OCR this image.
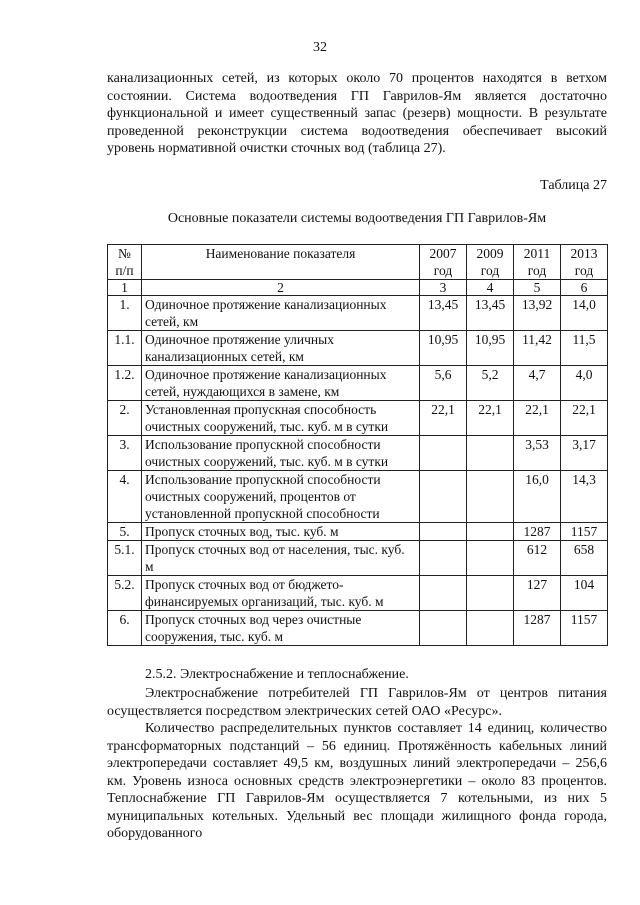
32

канализационных сетей, из которых около 70 процентов находятся в ветхом состоянии. Система водоотведения ГП Гаврилов-Ям является достаточно функциональной и имеет существенный запас (резерв) мощности. В результате проведенной реконструкции система водоотведения обеспечивает высокий уровень нормативной очистки сточных вод (таблица 27).

Таблица 27
Основные показатели системы водоотведения ГП Гаврилов-Ям
№ п/п	Наименование показателя	2007 год	2009 год	2011 год	2013 год
1	2	3	4	5	6
1.	Одиночное протяжение канализационных сетей, км	13,45	13,45	13,92	14,0
1.1.	Одиночное протяжение уличных канализационных сетей, км	10,95	10,95	11,42	11,5
1.2.	Одиночное протяжение канализационных сетей, нуждающихся в замене, км	5,6	5,2	4,7	4,0
2.	Установленная пропускная способность очистных сооружений, тыс. куб. м в сутки	22,1	22,1	22,1	22,1
3.	Использование пропускной способности очистных сооружений, тыс. куб. м в сутки			3,53	3,17
4.	Использование пропускной способности очистных сооружений, процентов от установленной пропускной способности			16,0	14,3
5.	Пропуск сточных вод, тыс. куб. м			1287	1157
5.1.	Пропуск сточных вод от населения, тыс. куб. м			612	658
5.2.	Пропуск сточных вод от бюджето-финансируемых организаций, тыс. куб. м			127	104
6.	Пропуск сточных вод через очистные сооружения, тыс. куб. м			1287	1157
2.5.2. Электроснабжение и теплоснабжение.

Электроснабжение потребителей ГП Гаврилов-Ям от центров питания осуществляется посредством электрических сетей ОАО «Ресурс».

Количество распределительных пунктов составляет 14 единиц, количество трансформаторных подстанций – 56 единиц. Протяжённость кабельных линий электропередачи составляет 49,5 км, воздушных линий электропередачи – 256,6 км. Уровень износа основных средств электроэнергетики – около 83 процентов. Теплоснабжение ГП Гаврилов-Ям осуществляется 7 котельными, из них 5 муниципальных котельных. Удельный вес площади жилищного фонда города, оборудованного
